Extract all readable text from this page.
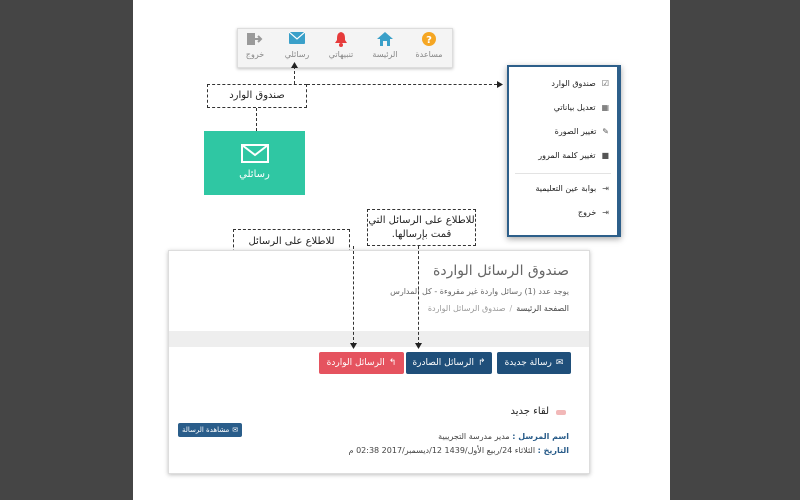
?
مساعدة
الرئيسة
تنبيهاتي
رسائلي
خروج
صندوق الوارد
رسائلي
☑
صندوق الوارد
▦
تعديل بياناتي
✎
تغيير الصورة
■
تغيير كلمة المرور
⇥
بوابة عين التعليمية
⇥
خروج
للاطلاع على الرسائل
للاطلاع على الرسائل التي
قمت بإرسالها.
صندوق الرسائل الواردة
يوجد عدد (1) رسائل واردة غير مقروءة - كل المدارس
الصفحة الرئيسة/صندوق الرسائل الواردة
↰
الرسائل الواردة	↱
الرسائل الصادرة	✉
رسالة جديدة
لقاء جديد
✉
مشاهدة الرسالة
اسم المرسل : مدير مدرسة التجريبية
التاريخ : الثلاثاء 24/ربيع الأول/1439 12/ديسمبر/2017 02:38 م
